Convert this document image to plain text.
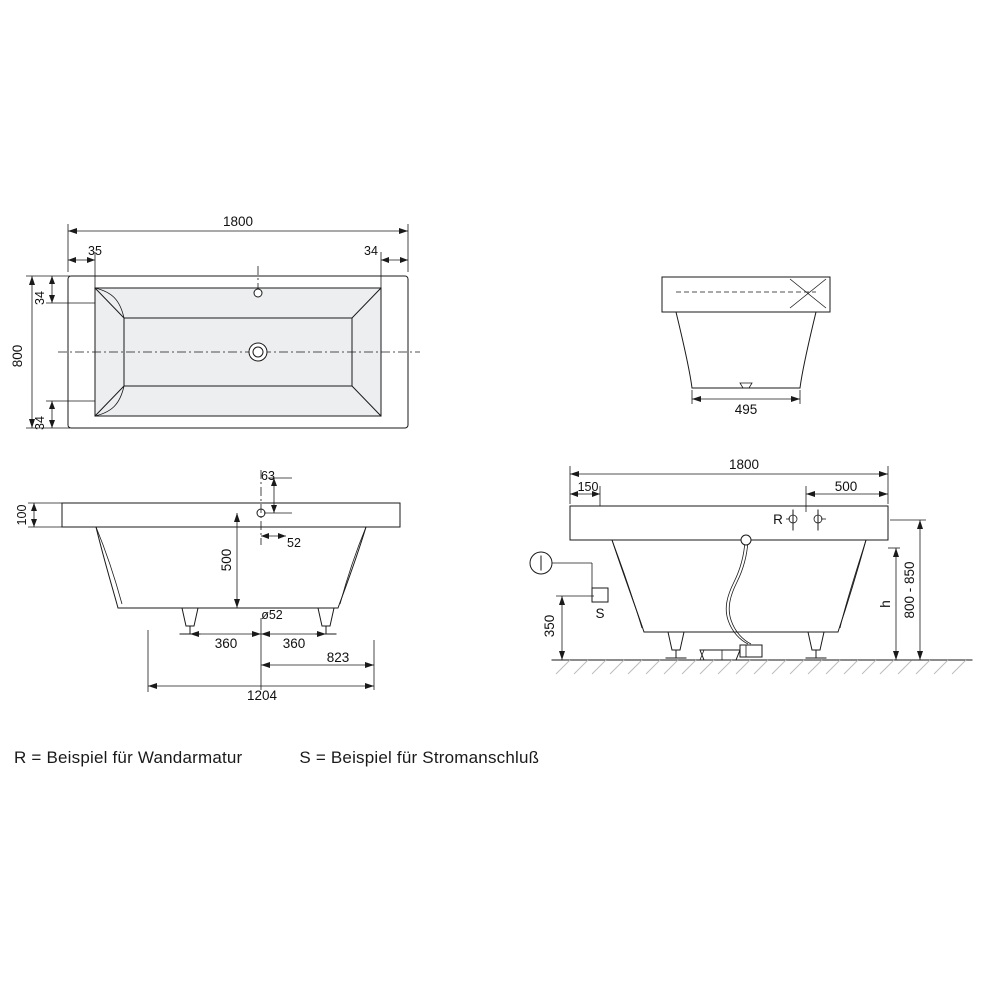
1800
35	34
800
34
34
495
100
63
52
500
ø52
360	360
823
1204
S
R
1800
150	500
350
h 800 - 850
R = Beispiel für Wandarmatur	S = Beispiel für Stromanschluß
